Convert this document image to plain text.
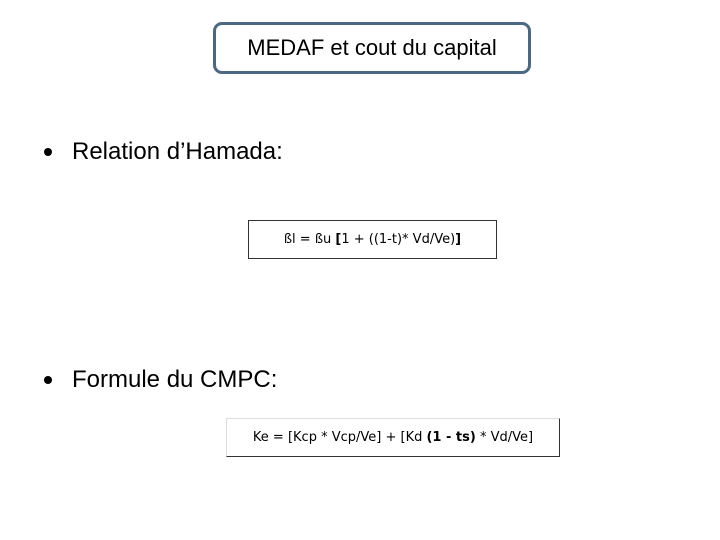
MEDAF et cout du capital
Relation d’Hamada:
ßl = ßu [ 1 + ((1-t)* Vd/Ve) ]
Formule du CMPC:
Ke = [Kcp * Vcp/Ve] + [Kd (1 - ts) * Vd/Ve]
